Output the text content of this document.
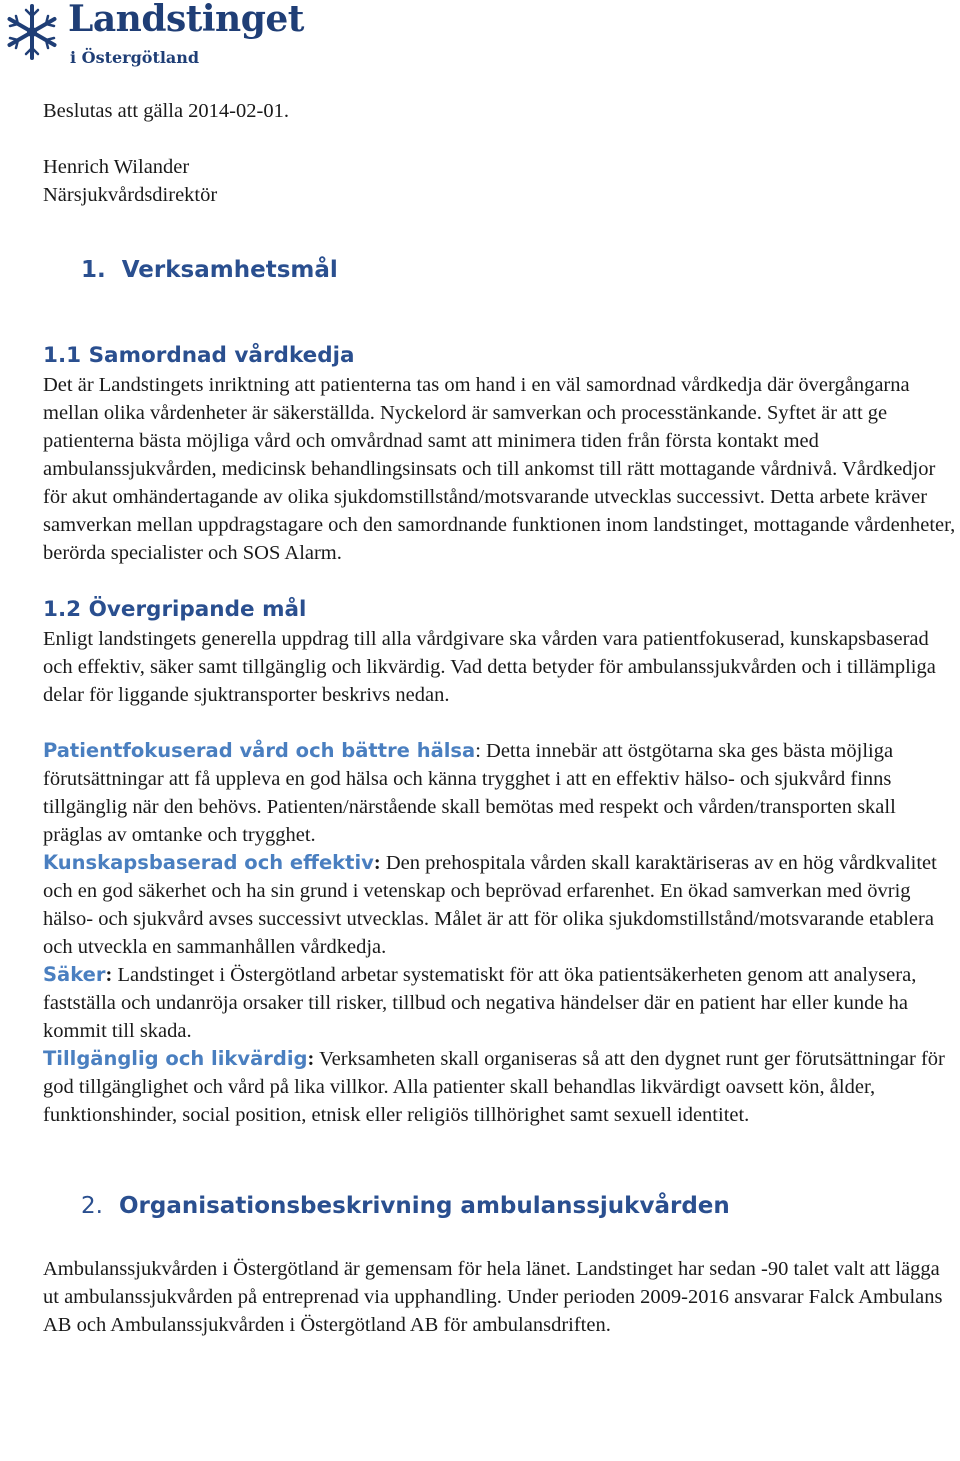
Landstinget
i Östergötland

Beslutas att gälla 2014-02-01.

Henrich Wilander

Närsjukvårdsdirektör

1. Verksamhetsmål
1.1 Samordnad vårdkedja

Det är Landstingets inriktning att patienterna tas om hand i en väl samordnad vårdkedja där övergångarna mellan olika vårdenheter är säkerställda. Nyckelord är samverkan och processtänkande. Syftet är att ge patienterna bästa möjliga vård och omvårdnad samt att minimera tiden från första kontakt med ambulanssjukvården, medicinsk behandlingsinsats och till ankomst till rätt mottagande vårdnivå. Vårdkedjor för akut omhändertagande av olika sjukdomstillstånd/motsvarande utvecklas successivt. Detta arbete kräver samverkan mellan uppdragstagare och den samordnande funktionen inom landstinget, mottagande vårdenheter, berörda specialister och SOS Alarm.

1.2 Övergripande mål

Enligt landstingets generella uppdrag till alla vårdgivare ska vården vara patientfokuserad, kunskapsbaserad och effektiv, säker samt tillgänglig och likvärdig. Vad detta betyder för ambulanssjukvården och i tillämpliga delar för liggande sjuktransporter beskrivs nedan.

Patientfokuserad vård och bättre hälsa: Detta innebär att östgötarna ska ges bästa möjliga förutsättningar att få uppleva en god hälsa och känna trygghet i att en effektiv hälso- och sjukvård finns tillgänglig när den behövs. Patienten/närstående skall bemötas med respekt och vården/transporten skall präglas av omtanke och trygghet.

Kunskapsbaserad och effektiv: Den prehospitala vården skall karaktäriseras av en hög vårdkvalitet och en god säkerhet och ha sin grund i vetenskap och beprövad erfarenhet. En ökad samverkan med övrig hälso- och sjukvård avses successivt utvecklas. Målet är att för olika sjukdomstillstånd/motsvarande etablera och utveckla en sammanhållen vårdkedja.

Säker: Landstinget i Östergötland arbetar systematiskt för att öka patientsäkerheten genom att analysera, fastställa och undanröja orsaker till risker, tillbud och negativa händelser där en patient har eller kunde ha kommit till skada.

Tillgänglig och likvärdig: Verksamheten skall organiseras så att den dygnet runt ger förutsättningar för god tillgänglighet och vård på lika villkor. Alla patienter skall behandlas likvärdigt oavsett kön, ålder, funktionshinder, social position, etnisk eller religiös tillhörighet samt sexuell identitet.

2. Organisationsbeskrivning ambulanssjukvården

Ambulanssjukvården i Östergötland är gemensam för hela länet. Landstinget har sedan -90 talet valt att lägga ut ambulanssjukvården på entreprenad via upphandling. Under perioden 2009-2016 ansvarar Falck Ambulans AB och Ambulanssjukvården i Östergötland AB för ambulansdriften.
